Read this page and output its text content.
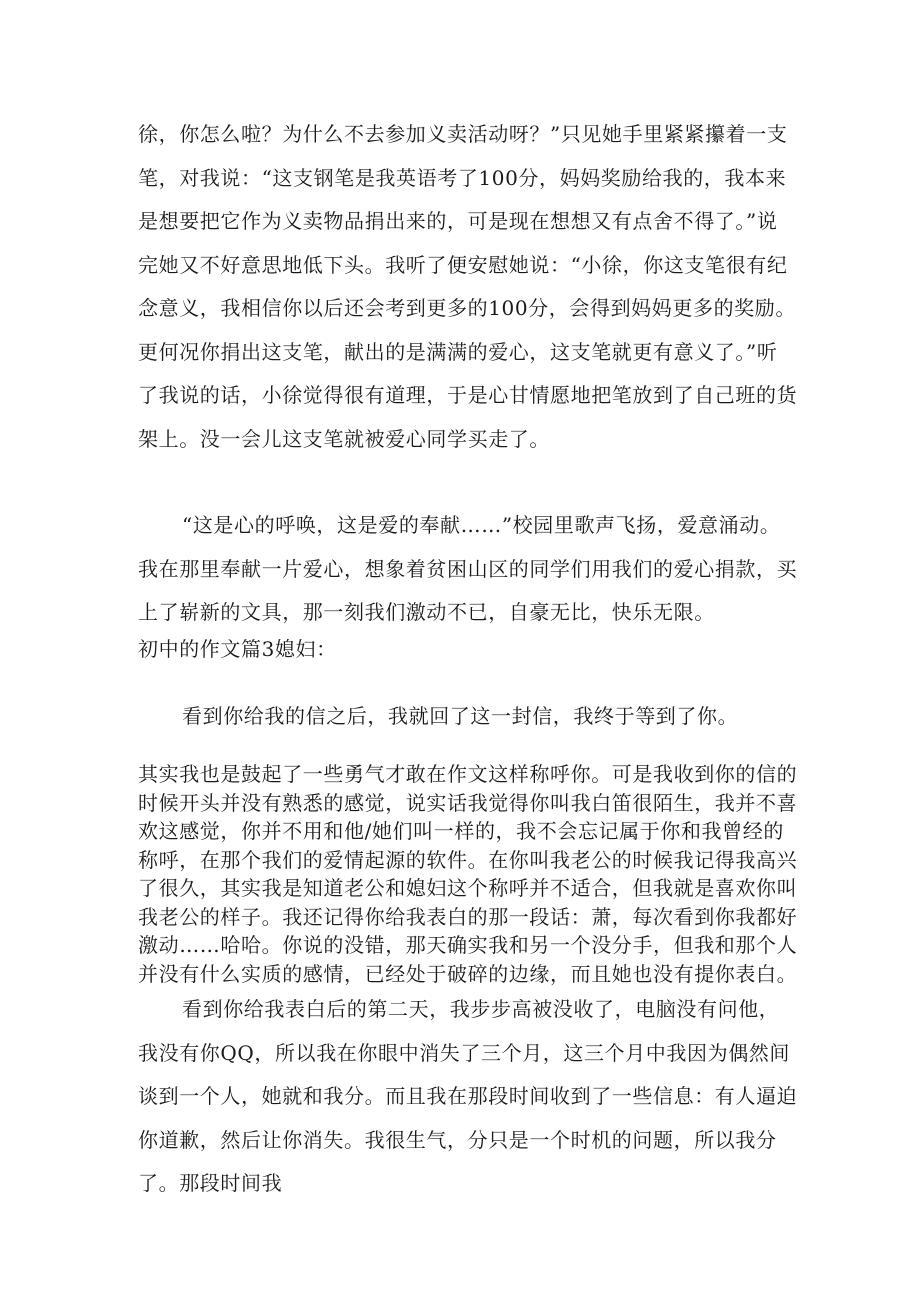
徐，你怎么啦？为什么不去参加义卖活动呀？”只见她手里紧紧攥着一支笔，对我说：“这支钢笔是我英语考了100分，妈妈奖励给我的，我本来是想要把它作为义卖物品捐出来的，可是现在想想又有点舍不得了。”说完她又不好意思地低下头。我听了便安慰她说：“小徐，你这支笔很有纪念意义，我相信你以后还会考到更多的100分，会得到妈妈更多的奖励。更何况你捐出这支笔，献出的是满满的爱心，这支笔就更有意义了。”听了我说的话，小徐觉得很有道理，于是心甘情愿地把笔放到了自己班的货架上。没一会儿这支笔就被爱心同学买走了。

“这是心的呼唤，这是爱的奉献……”校园里歌声飞扬，爱意涌动。我在那里奉献一片爱心，想象着贫困山区的同学们用我们的爱心捐款，买上了崭新的文具，那一刻我们激动不已，自豪无比，快乐无限。

初中的作文篇3媳妇：

看到你给我的信之后，我就回了这一封信，我终于等到了你。

其实我也是鼓起了一些勇气才敢在作文这样称呼你。可是我收到你的信的时候开头并没有熟悉的感觉，说实话我觉得你叫我白笛很陌生，我并不喜欢这感觉，你并不用和他/她们叫一样的，我不会忘记属于你和我曾经的称呼，在那个我们的爱情起源的软件。在你叫我老公的时候我记得我高兴了很久，其实我是知道老公和媳妇这个称呼并不适合，但我就是喜欢你叫我老公的样子。我还记得你给我表白的那一段话：萧，每次看到你我都好激动……哈哈。你说的没错，那天确实我和另一个没分手，但我和那个人并没有什么实质的感情，已经处于破碎的边缘，而且她也没有提你表白。

看到你给我表白后的第二天，我步步高被没收了，电脑没有问他，我没有你QQ，所以我在你眼中消失了三个月，这三个月中我因为偶然间谈到一个人，她就和我分。而且我在那段时间收到了一些信息：有人逼迫你道歉，然后让你消失。我很生气，分只是一个时机的问题，所以我分了。那段时间我
